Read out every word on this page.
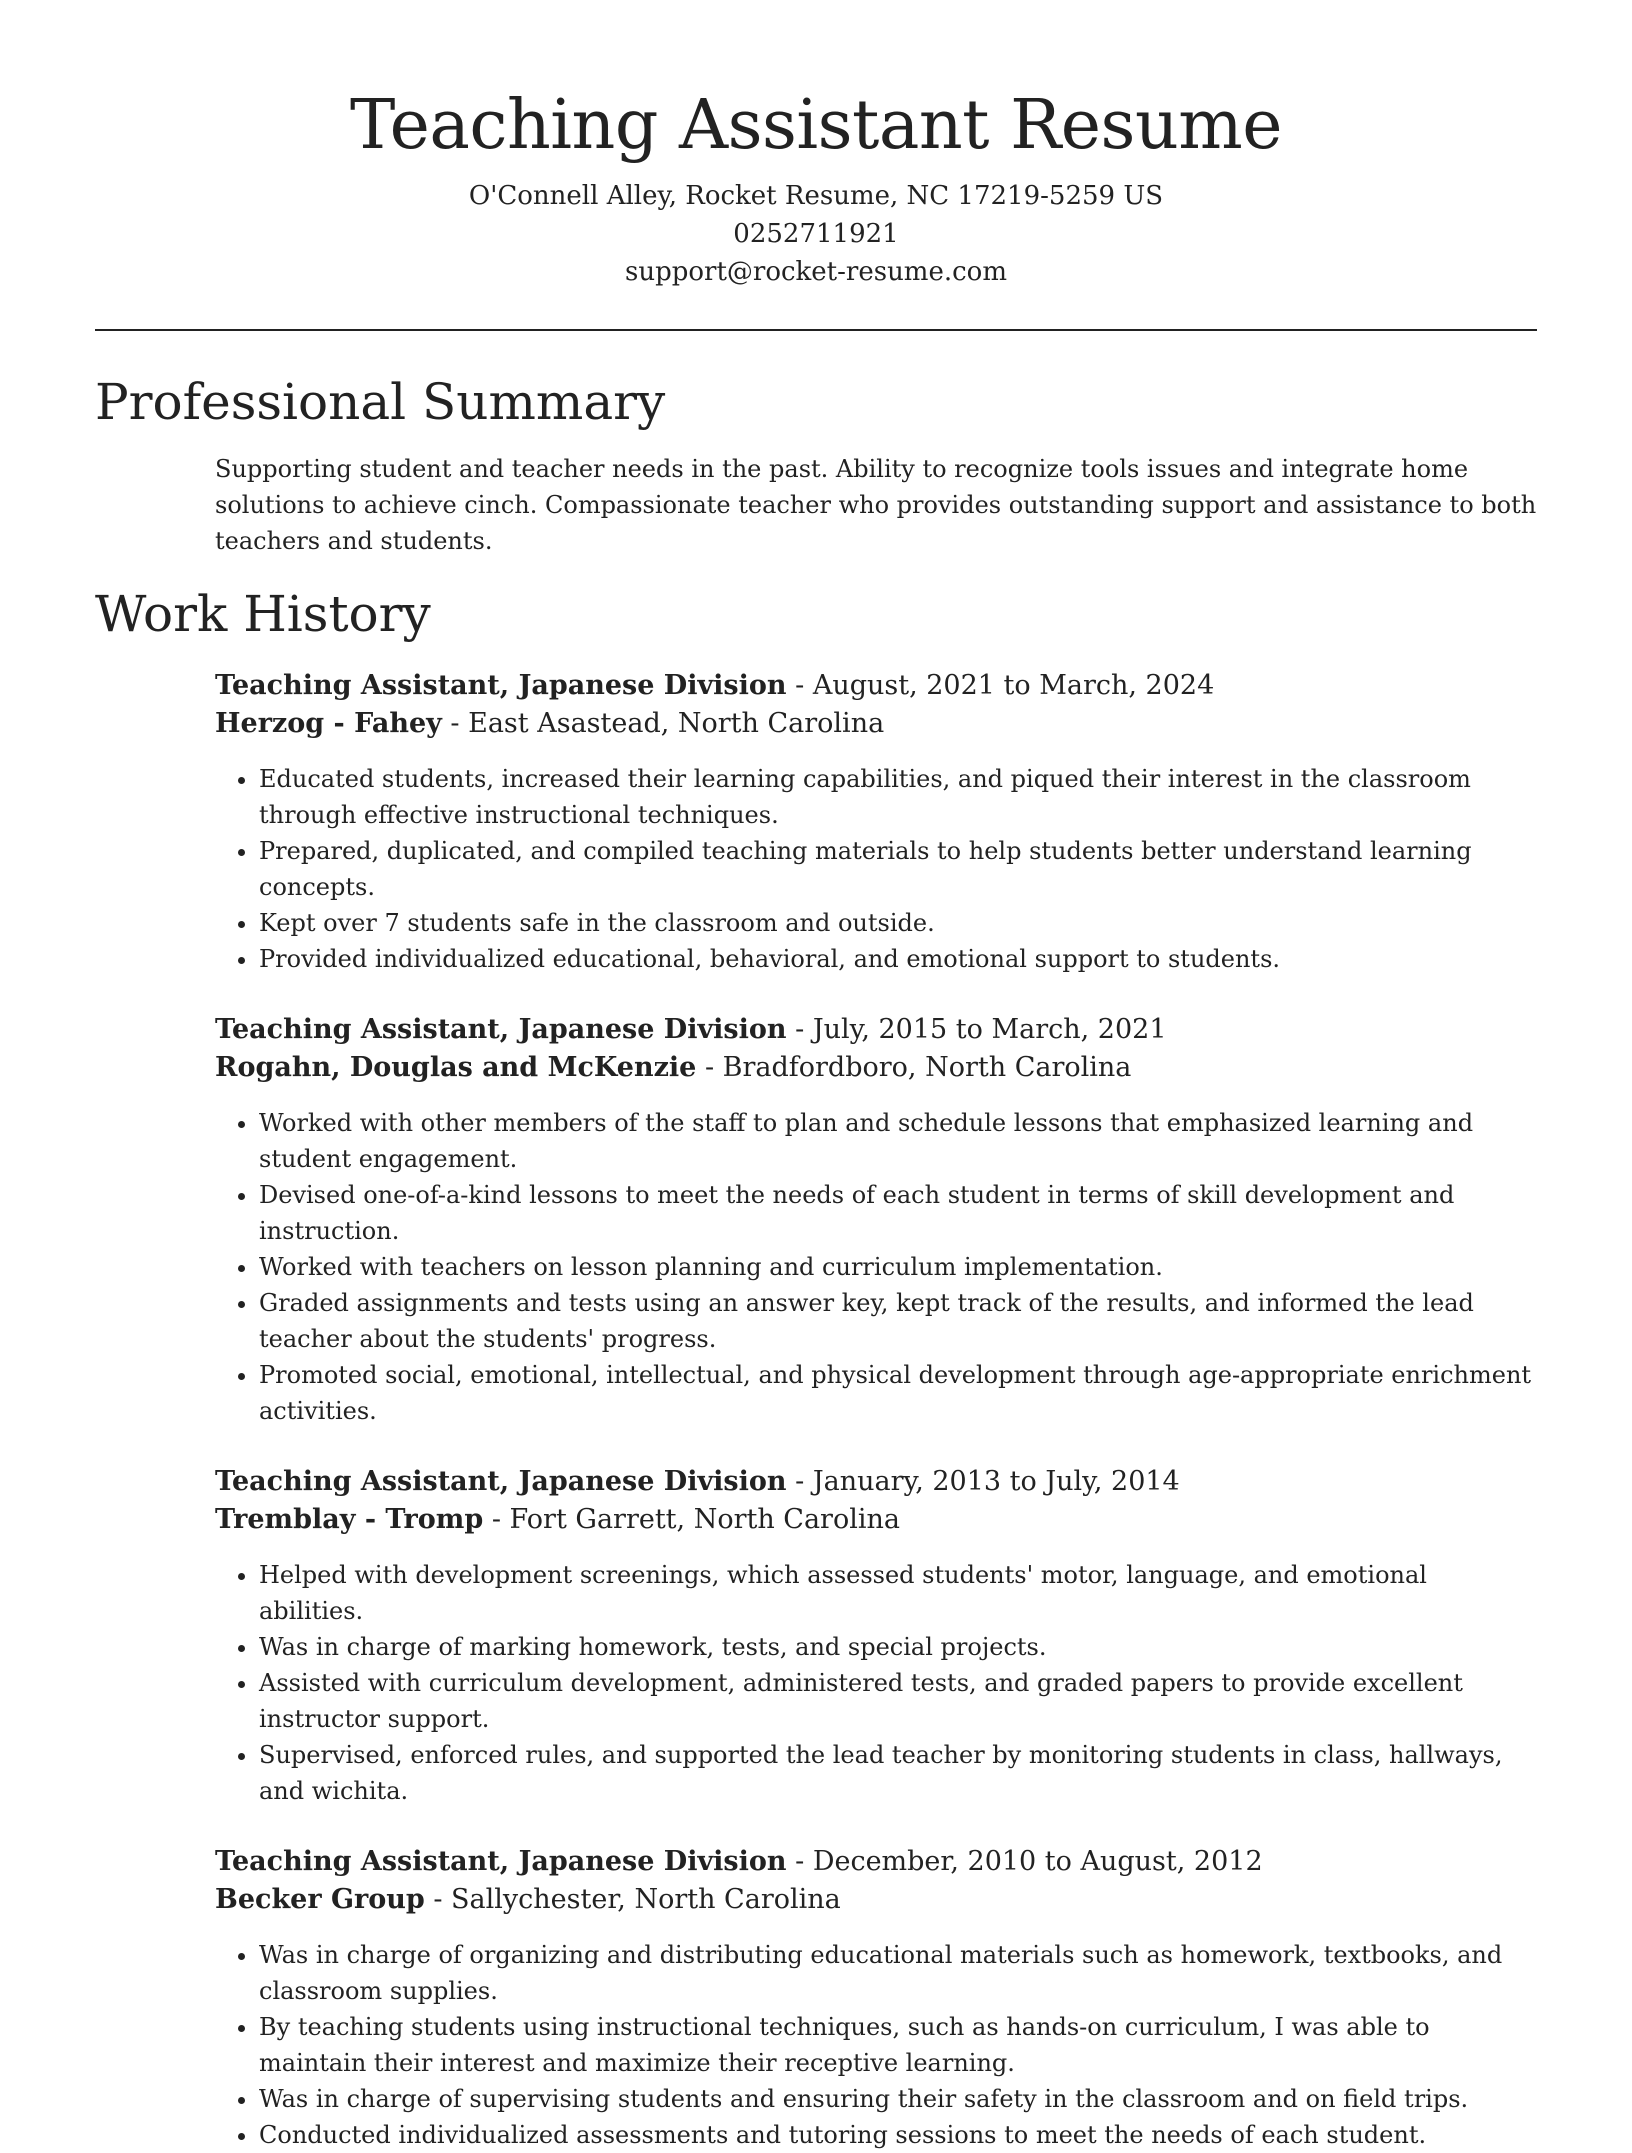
Teaching Assistant Resume

O'Connell Alley, Rocket Resume, NC 17219-5259 US

0252711921

support@rocket-resume.com

Professional Summary

Supporting student and teacher needs in the past. Ability to recognize tools issues and integrate home solutions to achieve cinch. Compassionate teacher who provides outstanding support and assistance to both teachers and students.

Work History

Teaching Assistant, Japanese Division - August, 2021 to March, 2024

Herzog - Fahey - East Asastead, North Carolina

• Educated students, increased their learning capabilities, and piqued their interest in the classroom through effective instructional techniques.
• Prepared, duplicated, and compiled teaching materials to help students better understand learning concepts.
• Kept over 7 students safe in the classroom and outside.
• Provided individualized educational, behavioral, and emotional support to students.

Teaching Assistant, Japanese Division - July, 2015 to March, 2021

Rogahn, Douglas and McKenzie - Bradfordboro, North Carolina

• Worked with other members of the staff to plan and schedule lessons that emphasized learning and student engagement.
• Devised one-of-a-kind lessons to meet the needs of each student in terms of skill development and instruction.
• Worked with teachers on lesson planning and curriculum implementation.
• Graded assignments and tests using an answer key, kept track of the results, and informed the lead teacher about the students' progress.
• Promoted social, emotional, intellectual, and physical development through age-appropriate enrichment activities.

Teaching Assistant, Japanese Division - January, 2013 to July, 2014

Tremblay - Tromp - Fort Garrett, North Carolina

• Helped with development screenings, which assessed students' motor, language, and emotional abilities.
• Was in charge of marking homework, tests, and special projects.
• Assisted with curriculum development, administered tests, and graded papers to provide excellent instructor support.
• Supervised, enforced rules, and supported the lead teacher by monitoring students in class, hallways, and wichita.

Teaching Assistant, Japanese Division - December, 2010 to August, 2012

Becker Group - Sallychester, North Carolina

• Was in charge of organizing and distributing educational materials such as homework, textbooks, and classroom supplies.
• By teaching students using instructional techniques, such as hands-on curriculum, I was able to maintain their interest and maximize their receptive learning.
• Was in charge of supervising students and ensuring their safety in the classroom and on field trips.
• Conducted individualized assessments and tutoring sessions to meet the needs of each student.
